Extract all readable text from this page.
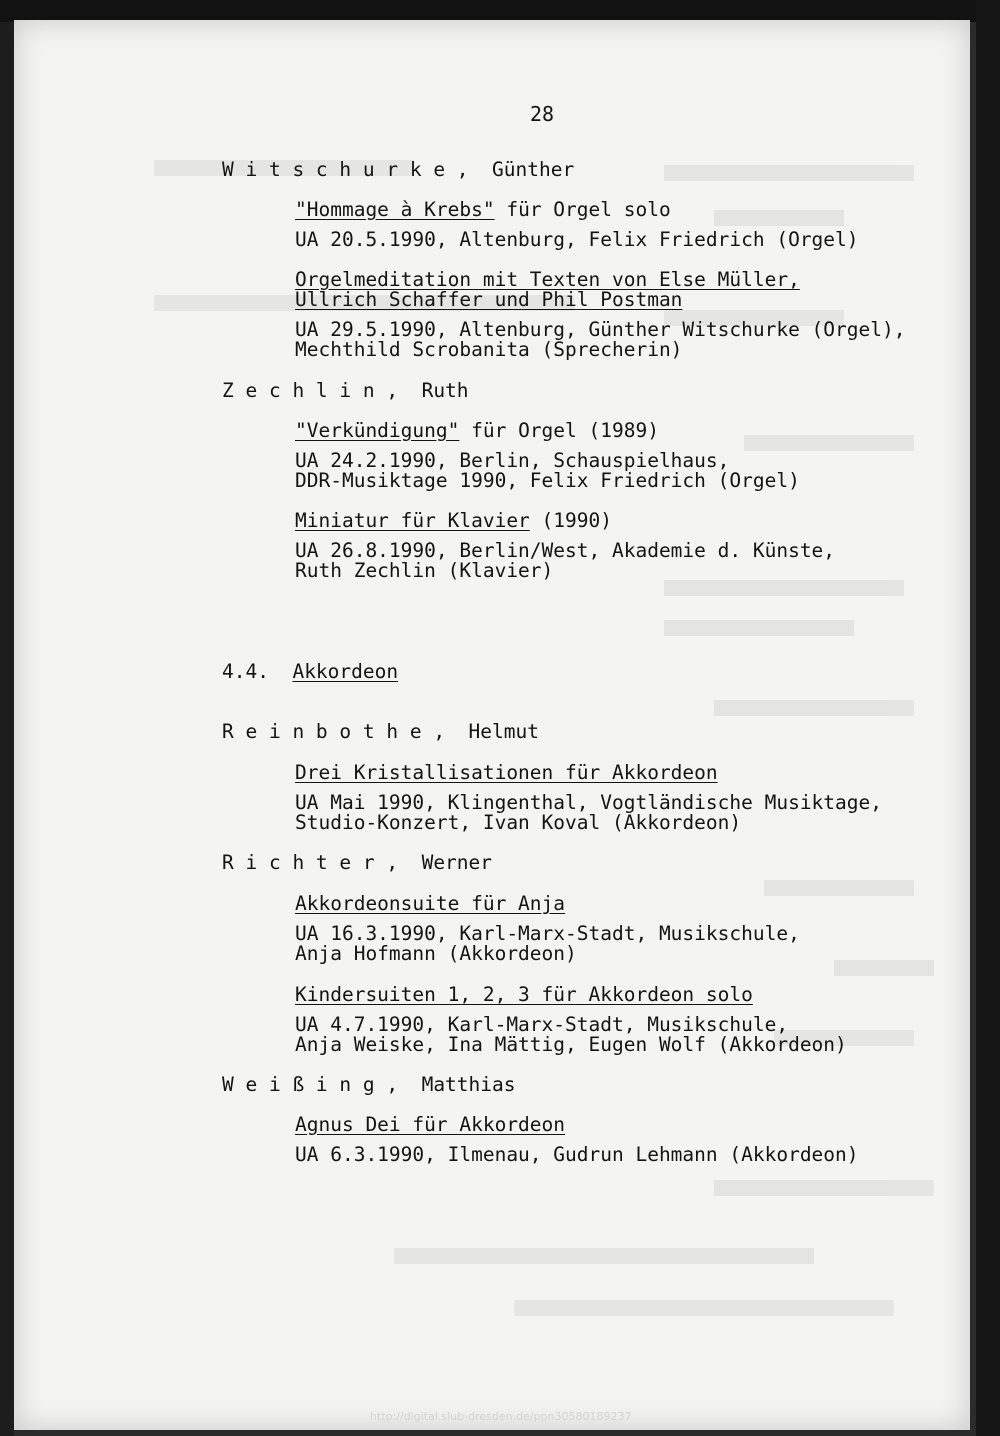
28
W i t s c h u r k e ,  Günther
"Hommage à Krebs" für Orgel solo
UA 20.5.1990, Altenburg, Felix Friedrich (Orgel)
Orgelmeditation mit Texten von Else Müller,
Ullrich Schaffer und Phil Postman
UA 29.5.1990, Altenburg, Günther Witschurke (Orgel),
Mechthild Scrobanita (Sprecherin)
Z e c h l i n ,  Ruth
"Verkündigung" für Orgel (1989)
UA 24.2.1990, Berlin, Schauspielhaus,
DDR-Musiktage 1990, Felix Friedrich (Orgel)
Miniatur für Klavier (1990)
UA 26.8.1990, Berlin/West, Akademie d. Künste,
Ruth Zechlin (Klavier)
4.4. Akkordeon
R e i n b o t h e ,  Helmut
Drei Kristallisationen für Akkordeon
UA Mai 1990, Klingenthal, Vogtländische Musiktage,
Studio-Konzert, Ivan Koval (Akkordeon)
R i c h t e r ,  Werner
Akkordeonsuite für Anja
UA 16.3.1990, Karl-Marx-Stadt, Musikschule,
Anja Hofmann (Akkordeon)
Kindersuiten 1, 2, 3 für Akkordeon solo
UA 4.7.1990, Karl-Marx-Stadt, Musikschule,
Anja Weiske, Ina Mättig, Eugen Wolf (Akkordeon)
W e i ß i n g ,  Matthias
Agnus Dei für Akkordeon
UA 6.3.1990, Ilmenau, Gudrun Lehmann (Akkordeon)
http://digital.slub-dresden.de/ppn30580189237
